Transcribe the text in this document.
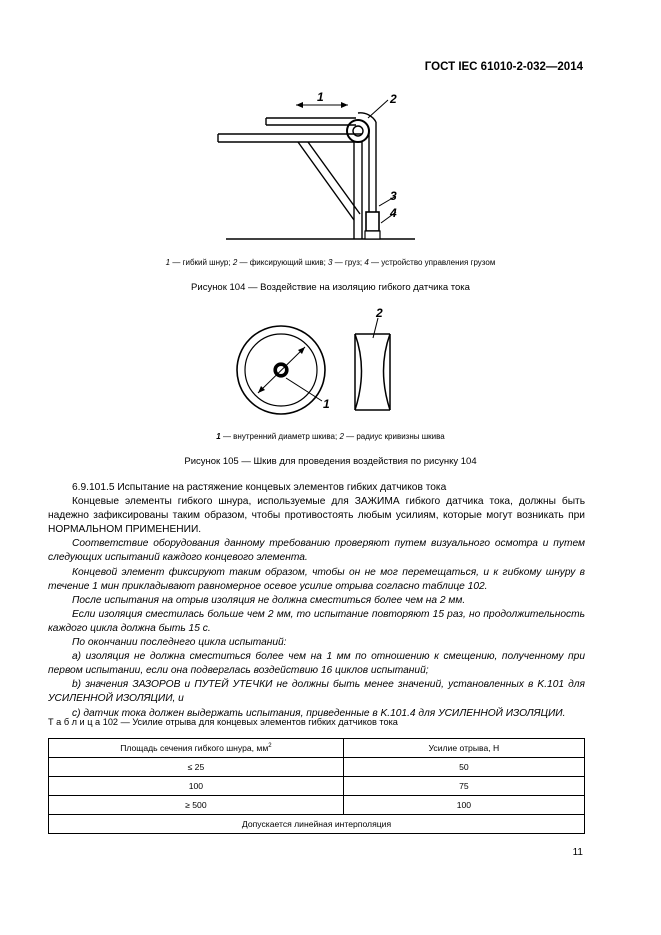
ГОСТ IEC 61010-2-032—2014
1	2
3
4
1 — гибкий шнур; 2 — фиксирующий шкив; 3 — груз; 4 — устройство управления грузом
Рисунок 104 — Воздействие на изоляцию гибкого датчика тока
1
2
1 — внутренний диаметр шкива; 2 — радиус кривизны шкива
Рисунок 105 — Шкив для проведения воздействия по рисунку 104

6.9.101.5 Испытание на растяжение концевых элементов гибких датчиков тока

Концевые элементы гибкого шнура, используемые для ЗАЖИМА гибкого датчика тока, должны быть надежно зафиксированы таким образом, чтобы противостоять любым усилиям, которые могут возникать при НОРМАЛЬНОМ ПРИМЕНЕНИИ.

Соответствие оборудования данному требованию проверяют путем визуального осмотра и путем следующих испытаний каждого концевого элемента.

Концевой элемент фиксируют таким образом, чтобы он не мог перемещаться, и к гибкому шнуру в течение 1 мин прикладывают равномерное осевое усилие отрыва согласно таблице 102.

После испытания на отрыв изоляция не должна сместиться более чем на 2 мм.

Если изоляция сместилась больше чем 2 мм, то испытание повторяют 15 раз, но продолжительность каждого цикла должна быть 15 с.

По окончании последнего цикла испытаний:

a) изоляция не должна сместиться более чем на 1 мм по отношению к смещению, полученному при первом испытании, если она подверглась воздействию 16 циклов испытаний;

b) значения ЗАЗОРОВ и ПУТЕЙ УТЕЧКИ не должны быть менее значений, установленных в K.101 для УСИЛЕННОЙ ИЗОЛЯЦИИ, и

c) датчик тока должен выдержать испытания, приведенные в K.101.4 для УСИЛЕННОЙ ИЗОЛЯЦИИ.

Т а б л и ц а 102 — Усилие отрыва для концевых элементов гибких датчиков тока
Площадь сечения гибкого шнура, $мм^2$	Усилие отрыва, Н
≤ 25	50
100	75
≥ 500	100
Допускается линейная интерполяция	
11
